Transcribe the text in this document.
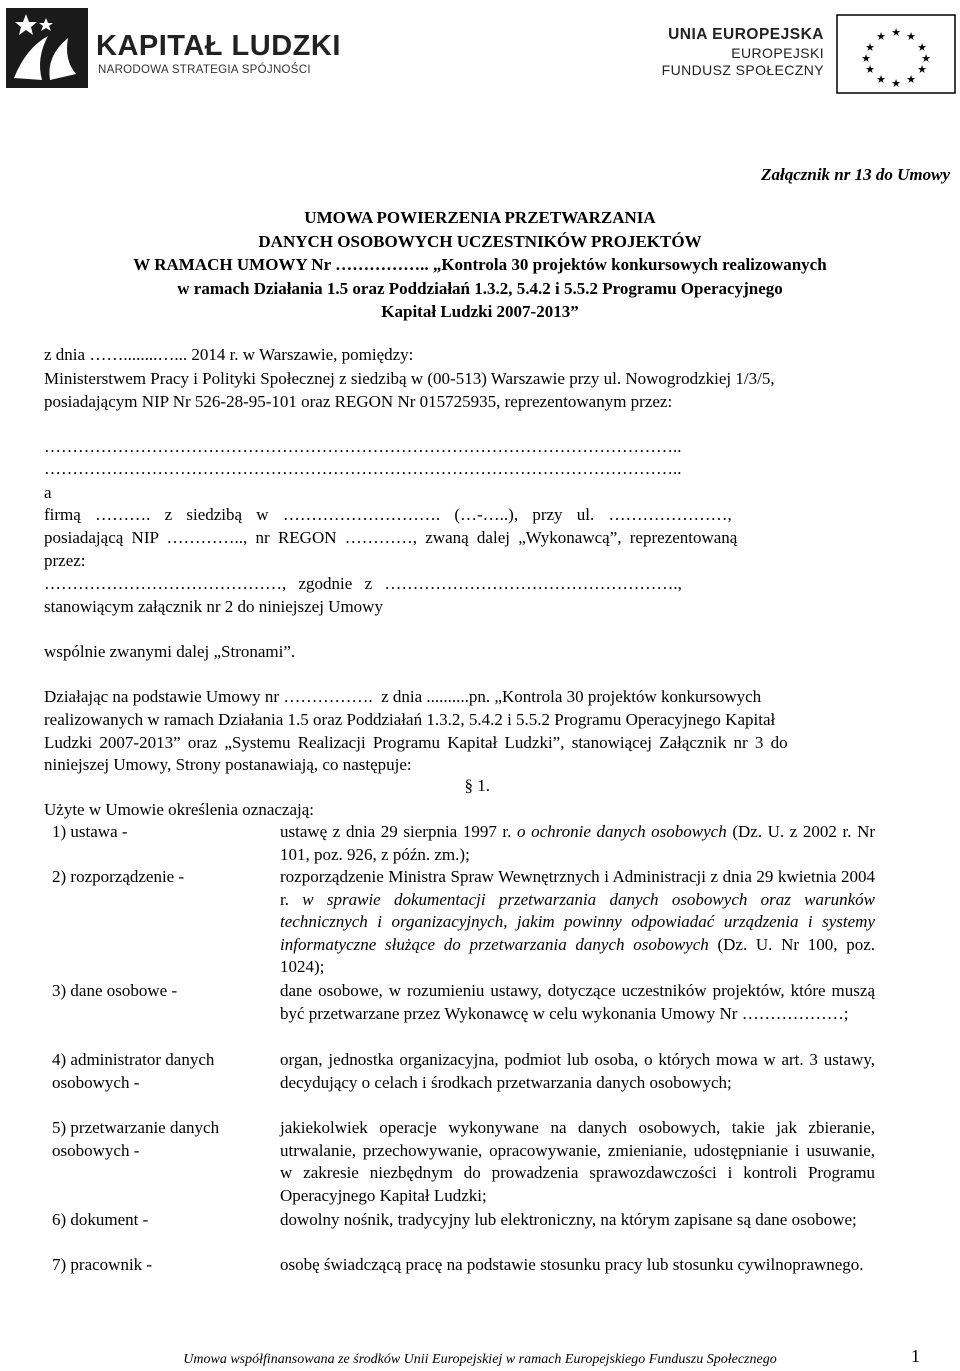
KAPITAŁ LUDZKI
NARODOWA STRATEGIA SPÓJNOŚCI
UNIA EUROPEJSKA
EUROPEJSKI
FUNDUSZ SPOŁECZNY
★ ★
★
★
★
★
★
★
★
★
★
★
Załącznik nr 13 do Umowy
UMOWA POWIERZENIA PRZETWARZANIA
DANYCH OSOBOWYCH UCZESTNIKÓW PROJEKTÓW
W RAMACH UMOWY Nr …………….. „Kontrola 30 projektów konkursowych realizowanych
w ramach Działania 1.5 oraz Poddziałań 1.3.2, 5.4.2 i 5.5.2 Programu Operacyjnego
Kapitał Ludzki 2007-2013”
z dnia ……........…... 2014 r. w Warszawie, pomiędzy:
Ministerstwem Pracy i Polityki Społecznej z siedzibą w (00-513) Warszawie przy ul. Nowogrodzkiej 1/3/5,
posiadającym NIP Nr 526-28-95-101 oraz REGON Nr 015725935, reprezentowanym przez:
…………………………………………………………………………………………………..
…………………………………………………………………………………………………..
a
firmą ………. z siedzibą w ………………………. (…-…..), przy ul. …………………,
posiadającą NIP ………….., nr REGON …………, zwaną dalej „Wykonawcą”, reprezentowaną
przez:
……………………………………, zgodnie z …………………………………………….,
stanowiącym załącznik nr 2 do niniejszej Umowy
wspólnie zwanymi dalej „Stronami”.
Działając na podstawie Umowy nr …………….  z dnia ..........pn. „Kontrola 30 projektów konkursowych
realizowanych w ramach Działania 1.5 oraz Poddziałań 1.3.2, 5.4.2 i 5.5.2 Programu Operacyjnego Kapitał
Ludzki 2007-2013” oraz „Systemu Realizacji Programu Kapitał Ludzki”, stanowiącej Załącznik nr 3 do
niniejszej Umowy, Strony postanawiają, co następuje:
§ 1.
Użyte w Umowie określenia oznaczają:
1) ustawa -	ustawę z dnia 29 sierpnia 1997 r. o ochronie danych osobowych (Dz. U. z 2002 r. Nr 101, poz. 926, z późn. zm.);
2) rozporządzenie -	rozporządzenie Ministra Spraw Wewnętrznych i Administracji z dnia 29 kwietnia 2004 r. w sprawie dokumentacji przetwarzania danych osobowych oraz warunków technicznych i organizacyjnych, jakim powinny odpowiadać urządzenia i systemy informatyczne służące do przetwarzania danych osobowych (Dz. U. Nr 100, poz. 1024);
3) dane osobowe -	dane osobowe, w rozumieniu ustawy, dotyczące uczestników projektów, które muszą być przetwarzane przez Wykonawcę w celu wykonania Umowy Nr ………………;
4) administrator danych
osobowych -
organ, jednostka organizacyjna, podmiot lub osoba, o których mowa w art. 3 ustawy, decydujący o celach i środkach przetwarzania danych osobowych;
5) przetwarzanie danych
osobowych -
jakiekolwiek operacje wykonywane na danych osobowych, takie jak zbieranie, utrwalanie, przechowywanie, opracowywanie, zmienianie, udostępnianie i usuwanie, w zakresie niezbędnym do prowadzenia sprawozdawczości i kontroli Programu Operacyjnego Kapitał Ludzki;
6) dokument -	dowolny nośnik, tradycyjny lub elektroniczny, na którym zapisane są dane osobowe;
7) pracownik -	osobę świadczącą pracę na podstawie stosunku pracy lub stosunku cywilnoprawnego.
Umowa współfinansowana ze środków Unii Europejskiej w ramach Europejskiego Funduszu Społecznego	1
